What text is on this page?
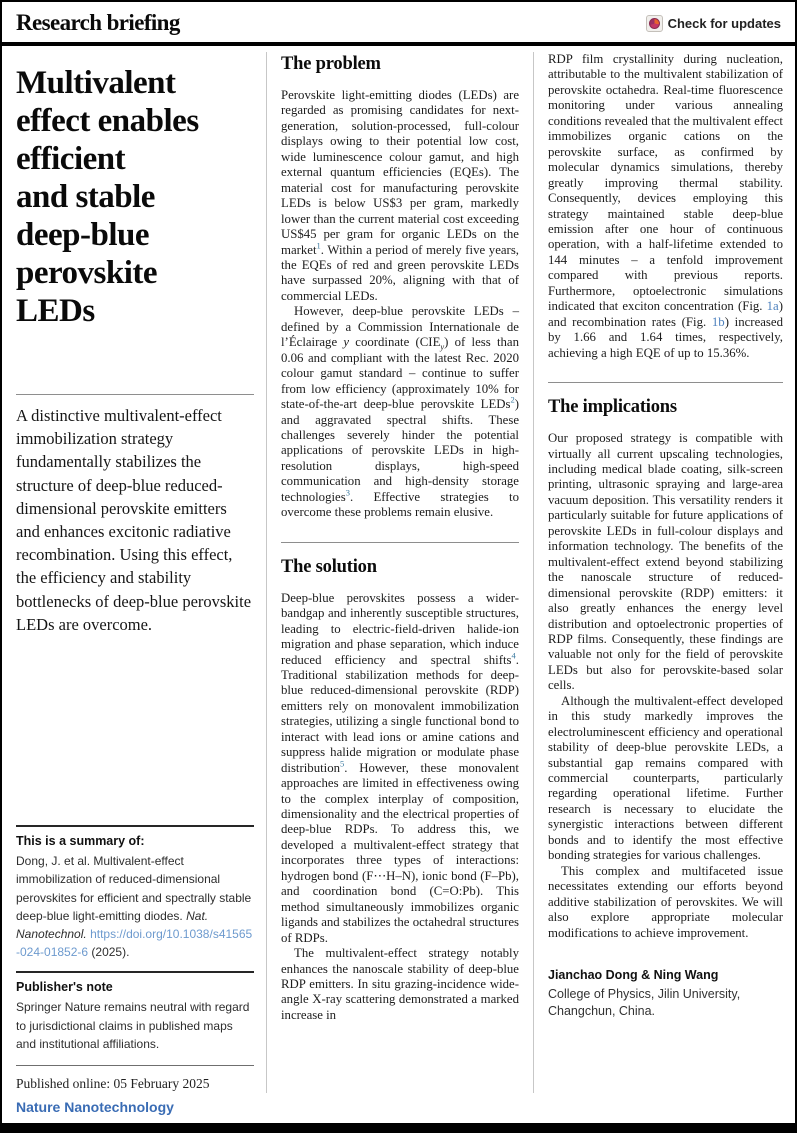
Research briefing	Check for updates
Multivalent
effect enables
efficient
and stable
deep-blue
perovskite
LEDs

A distinctive multivalent-effect immobilization strategy fundamentally stabilizes the structure of deep-blue reduced-dimensional perovskite emitters and enhances excitonic radiative recombination. Using this effect, the efficiency and stability bottlenecks of deep-blue perovskite LEDs are overcome.

This is a summary of:

Dong, J. et al. Multivalent-effect immobilization of reduced-dimensional perovskites for efficient and spectrally stable deep-blue light-emitting diodes. Nat. Nanotechnol. https://doi.org/10.1038/s41565-024-01852-6 (2025).

Publisher's note

Springer Nature remains neutral with regard to jurisdictional claims in published maps and institutional affiliations.

Published online: 05 February 2025

The problem

Perovskite light-emitting diodes (LEDs) are regarded as promising candidates for next-generation, solution-processed, full-colour displays owing to their potential low cost, wide luminescence colour gamut, and high external quantum efficiencies (EQEs). The material cost for manufacturing perovskite LEDs is below US$3 per gram, markedly lower than the current material cost exceeding US$45 per gram for organic LEDs on the market$^1$. Within a period of merely five years, the EQEs of red and green perovskite LEDs have surpassed 20%, aligning with that of commercial LEDs.

However, deep-blue perovskite LEDs – defined by a Commission Internationale de l’Éclairage y coordinate $(CIE_y)$ of less than 0.06 and compliant with the latest Rec. 2020 colour gamut standard – continue to suffer from low efficiency (approximately 10% for state-of-the-art deep-blue perovskite LEDs$^2$) and aggravated spectral shifts. These challenges severely hinder the potential applications of perovskite LEDs in high-resolution displays, high-speed communication and high-density storage technologies$^3$. Effective strategies to overcome these problems remain elusive.

The solution

Deep-blue perovskites possess a wider-bandgap and inherently susceptible structures, leading to electric-field-driven halide-ion migration and phase separation, which induce reduced efficiency and spectral shifts$^4$. Traditional stabilization methods for deep-blue reduced-dimensional perovskite (RDP) emitters rely on monovalent immobilization strategies, utilizing a single functional bond to interact with lead ions or amine cations and suppress halide migration or modulate phase distribution$^5$. However, these monovalent approaches are limited in effectiveness owing to the complex interplay of composition, dimensionality and the electrical properties of deep-blue RDPs. To address this, we developed a multivalent-effect strategy that incorporates three types of interactions: hydrogen bond (F⋯H–N), ionic bond (F–Pb), and coordination bond (C=O:Pb). This method simultaneously immobilizes organic ligands and stabilizes the octahedral structures of RDPs.

The multivalent-effect strategy notably enhances the nanoscale stability of deep-blue RDP emitters. In situ grazing-incidence wide-angle X-ray scattering demonstrated a marked increase in

RDP film crystallinity during nucleation, attributable to the multivalent stabilization of perovskite octahedra. Real-time fluorescence monitoring under various annealing conditions revealed that the multivalent effect immobilizes organic cations on the perovskite surface, as confirmed by molecular dynamics simulations, thereby greatly improving thermal stability. Consequently, devices employing this strategy maintained stable deep-blue emission after one hour of continuous operation, with a half-lifetime extended to 144 minutes – a tenfold improvement compared with previous reports. Furthermore, optoelectronic simulations indicated that exciton concentration (Fig. 1a) and recombination rates (Fig. 1b) increased by 1.66 and 1.64 times, respectively, achieving a high EQE of up to 15.36%.

The implications

Our proposed strategy is compatible with virtually all current upscaling technologies, including medical blade coating, silk-screen printing, ultrasonic spraying and large-area vacuum deposition. This versatility renders it particularly suitable for future applications of perovskite LEDs in full-colour displays and information technology. The benefits of the multivalent-effect extend beyond stabilizing the nanoscale structure of reduced-dimensional perovskite (RDP) emitters: it also greatly enhances the energy level distribution and optoelectronic properties of RDP films. Consequently, these findings are valuable not only for the field of perovskite LEDs but also for perovskite-based solar cells.

Although the multivalent-effect developed in this study markedly improves the electroluminescent efficiency and operational stability of deep-blue perovskite LEDs, a substantial gap remains compared with commercial counterparts, particularly regarding operational lifetime. Further research is necessary to elucidate the synergistic interactions between different bonds and to identify the most effective bonding strategies for various challenges.

This complex and multifaceted issue necessitates extending our efforts beyond additive stabilization of perovskites. We will also explore appropriate molecular modifications to achieve improvement.

Jianchao Dong & Ning Wang

College of Physics, Jilin University, Changchun, China.

Nature Nanotechnology
